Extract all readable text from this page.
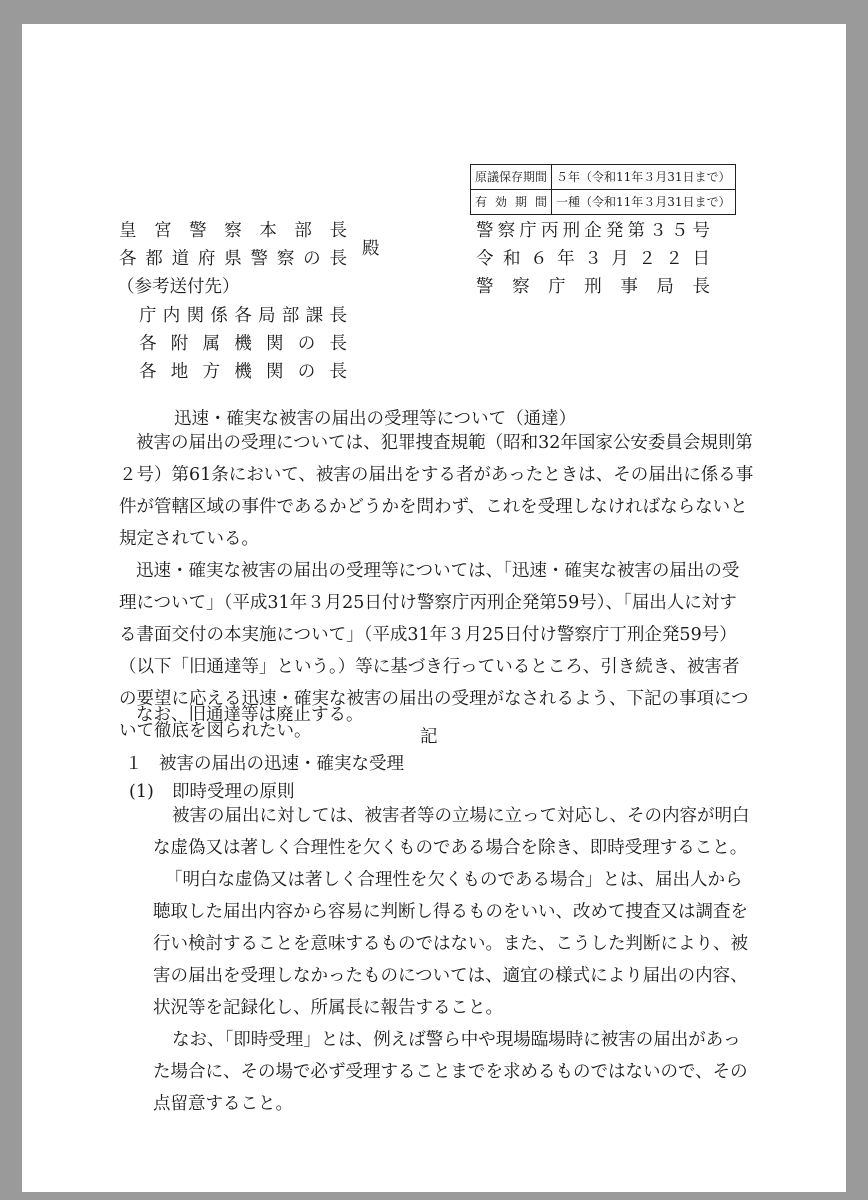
原議保存期間	５年（令和11年３月31日まで）

有効期間	一種（令和11年３月31日まで）
皇宮警察本部長
各都道府県警察の長 殿
（参考送付先）
庁内関係各局部課長
各附属機関の長
各地方機関の長
警察庁丙刑企発第３５号
令和６年３月２２日
警察庁刑事局長
迅速・確実な被害の届出の受理等について（通達）
被害の届出の受理については、犯罪捜査規範（昭和32年国家公安委員会規則第
２号）第61条において、被害の届出をする者があったときは、その届出に係る事
件が管轄区域の事件であるかどうかを問わず、これを受理しなければならないと
規定されている。
迅速・確実な被害の届出の受理等については、「迅速・確実な被害の届出の受
理について」（平成31年３月25日付け警察庁丙刑企発第59号）、「届出人に対す
る書面交付の本実施について」（平成31年３月25日付け警察庁丁刑企発59号）
（以下「旧通達等」という。）等に基づき行っているところ、引き続き、被害者
の要望に応える迅速・確実な被害の届出の受理がなされるよう、下記の事項につ
いて徹底を図られたい。
なお、旧通達等は廃止する。
記
１ 被害の届出の迅速・確実な受理
(1) 即時受理の原則
被害の届出に対しては、被害者等の立場に立って対応し、その内容が明白
な虚偽又は著しく合理性を欠くものである場合を除き、即時受理すること。
「明白な虚偽又は著しく合理性を欠くものである場合」とは、届出人から
聴取した届出内容から容易に判断し得るものをいい、改めて捜査又は調査を
行い検討することを意味するものではない。また、こうした判断により、被
害の届出を受理しなかったものについては、適宜の様式により届出の内容、
状況等を記録化し、所属長に報告すること。
なお、「即時受理」とは、例えば警ら中や現場臨場時に被害の届出があっ
た場合に、その場で必ず受理することまでを求めるものではないので、その
点留意すること。
